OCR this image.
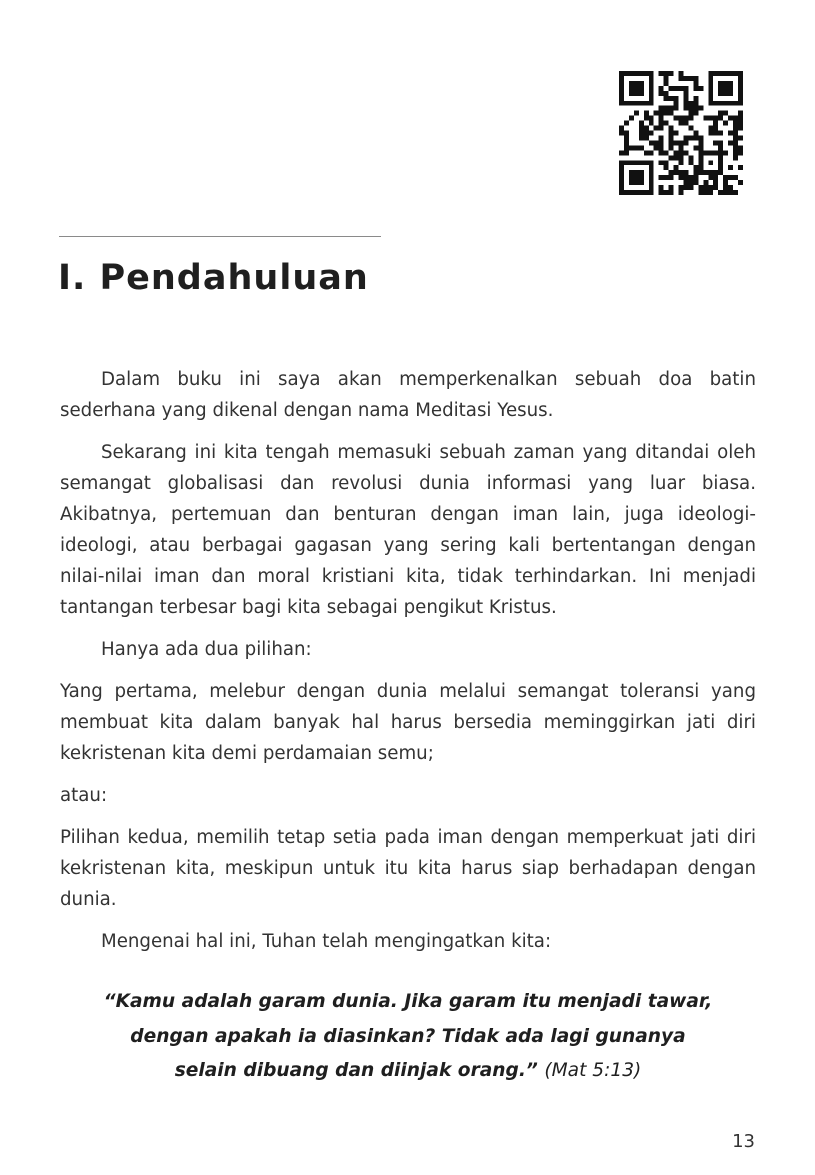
I. Pendahuluan

Dalam buku ini saya akan memperkenalkan sebuah doa batin sederhana yang dikenal dengan nama Meditasi Yesus.

Sekarang ini kita tengah memasuki sebuah zaman yang ditandai oleh semangat globalisasi dan revolusi dunia informasi yang luar biasa. Akibatnya, pertemuan dan benturan dengan iman lain, juga ideologi-ideologi, atau berbagai gagasan yang sering kali bertentangan dengan nilai-nilai iman dan moral kristiani kita, tidak terhindarkan. Ini menjadi tantangan terbesar bagi kita sebagai pengikut Kristus.

Hanya ada dua pilihan:

Yang pertama, melebur dengan dunia melalui semangat toleransi yang membuat kita dalam banyak hal harus bersedia meminggirkan jati diri kekristenan kita demi perdamaian semu;

atau:

Pilihan kedua, memilih tetap setia pada iman dengan memperkuat jati diri kekristenan kita, meskipun untuk itu kita harus siap berhadapan dengan dunia.

Mengenai hal ini, Tuhan telah mengingatkan kita:

“Kamu adalah garam dunia. Jika garam itu menjadi tawar,
dengan apakah ia diasinkan? Tidak ada lagi gunanya
selain dibuang dan diinjak orang.” (Mat 5:13)
13
